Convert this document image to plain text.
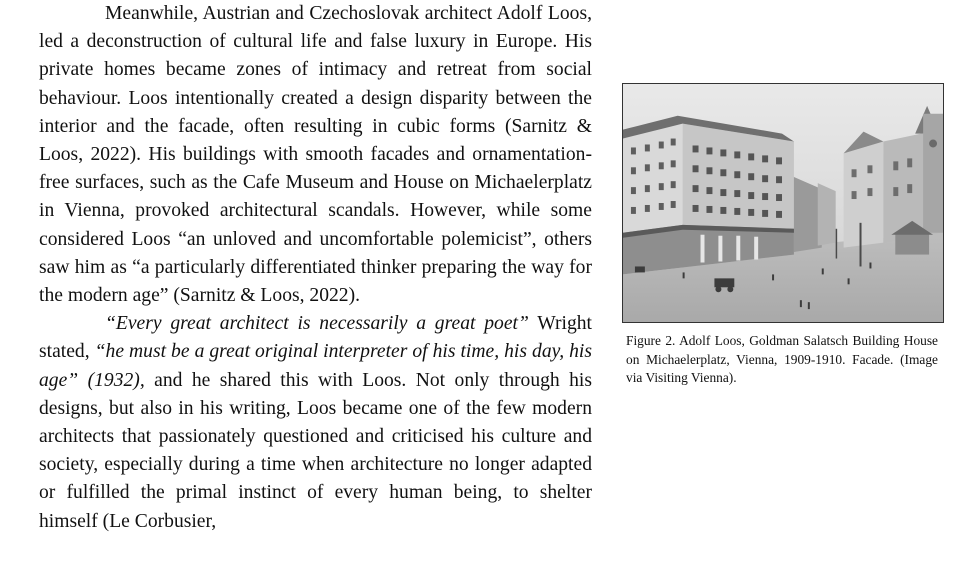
Meanwhile, Austrian and Czechoslovak architect Adolf Loos, led a deconstruction of cultural life and false luxury in Europe. His private homes became zones of intimacy and retreat from social behaviour. Loos intentionally created a design disparity between the interior and the facade, often resulting in cubic forms (Sarnitz & Loos, 2022). His buildings with smooth facades and ornamentation-free surfaces, such as the Cafe Museum and House on Michaelerplatz in Vienna, provoked architectural scandals. However, while some considered Loos “an unloved and uncomfortable polemicist”, others saw him as “a particularly differentiated thinker preparing the way for the modern age” (Sarnitz & Loos, 2022).

“Every great architect is necessarily a great poet” Wright stated, “he must be a great original interpreter of his time, his day, his age” (1932), and he shared this with Loos. Not only through his designs, but also in his writing, Loos became one of the few modern architects that passionately questioned and criticised his culture and society, especially during a time when architecture no longer adapted or fulfilled the primal instinct of every human being, to shelter himself (Le Corbusier,

Figure 2. Adolf Loos, Goldman Salatsch Building House on Michaelerplatz, Vienna, 1909-1910. Facade. (Image via Visiting Vienna).
